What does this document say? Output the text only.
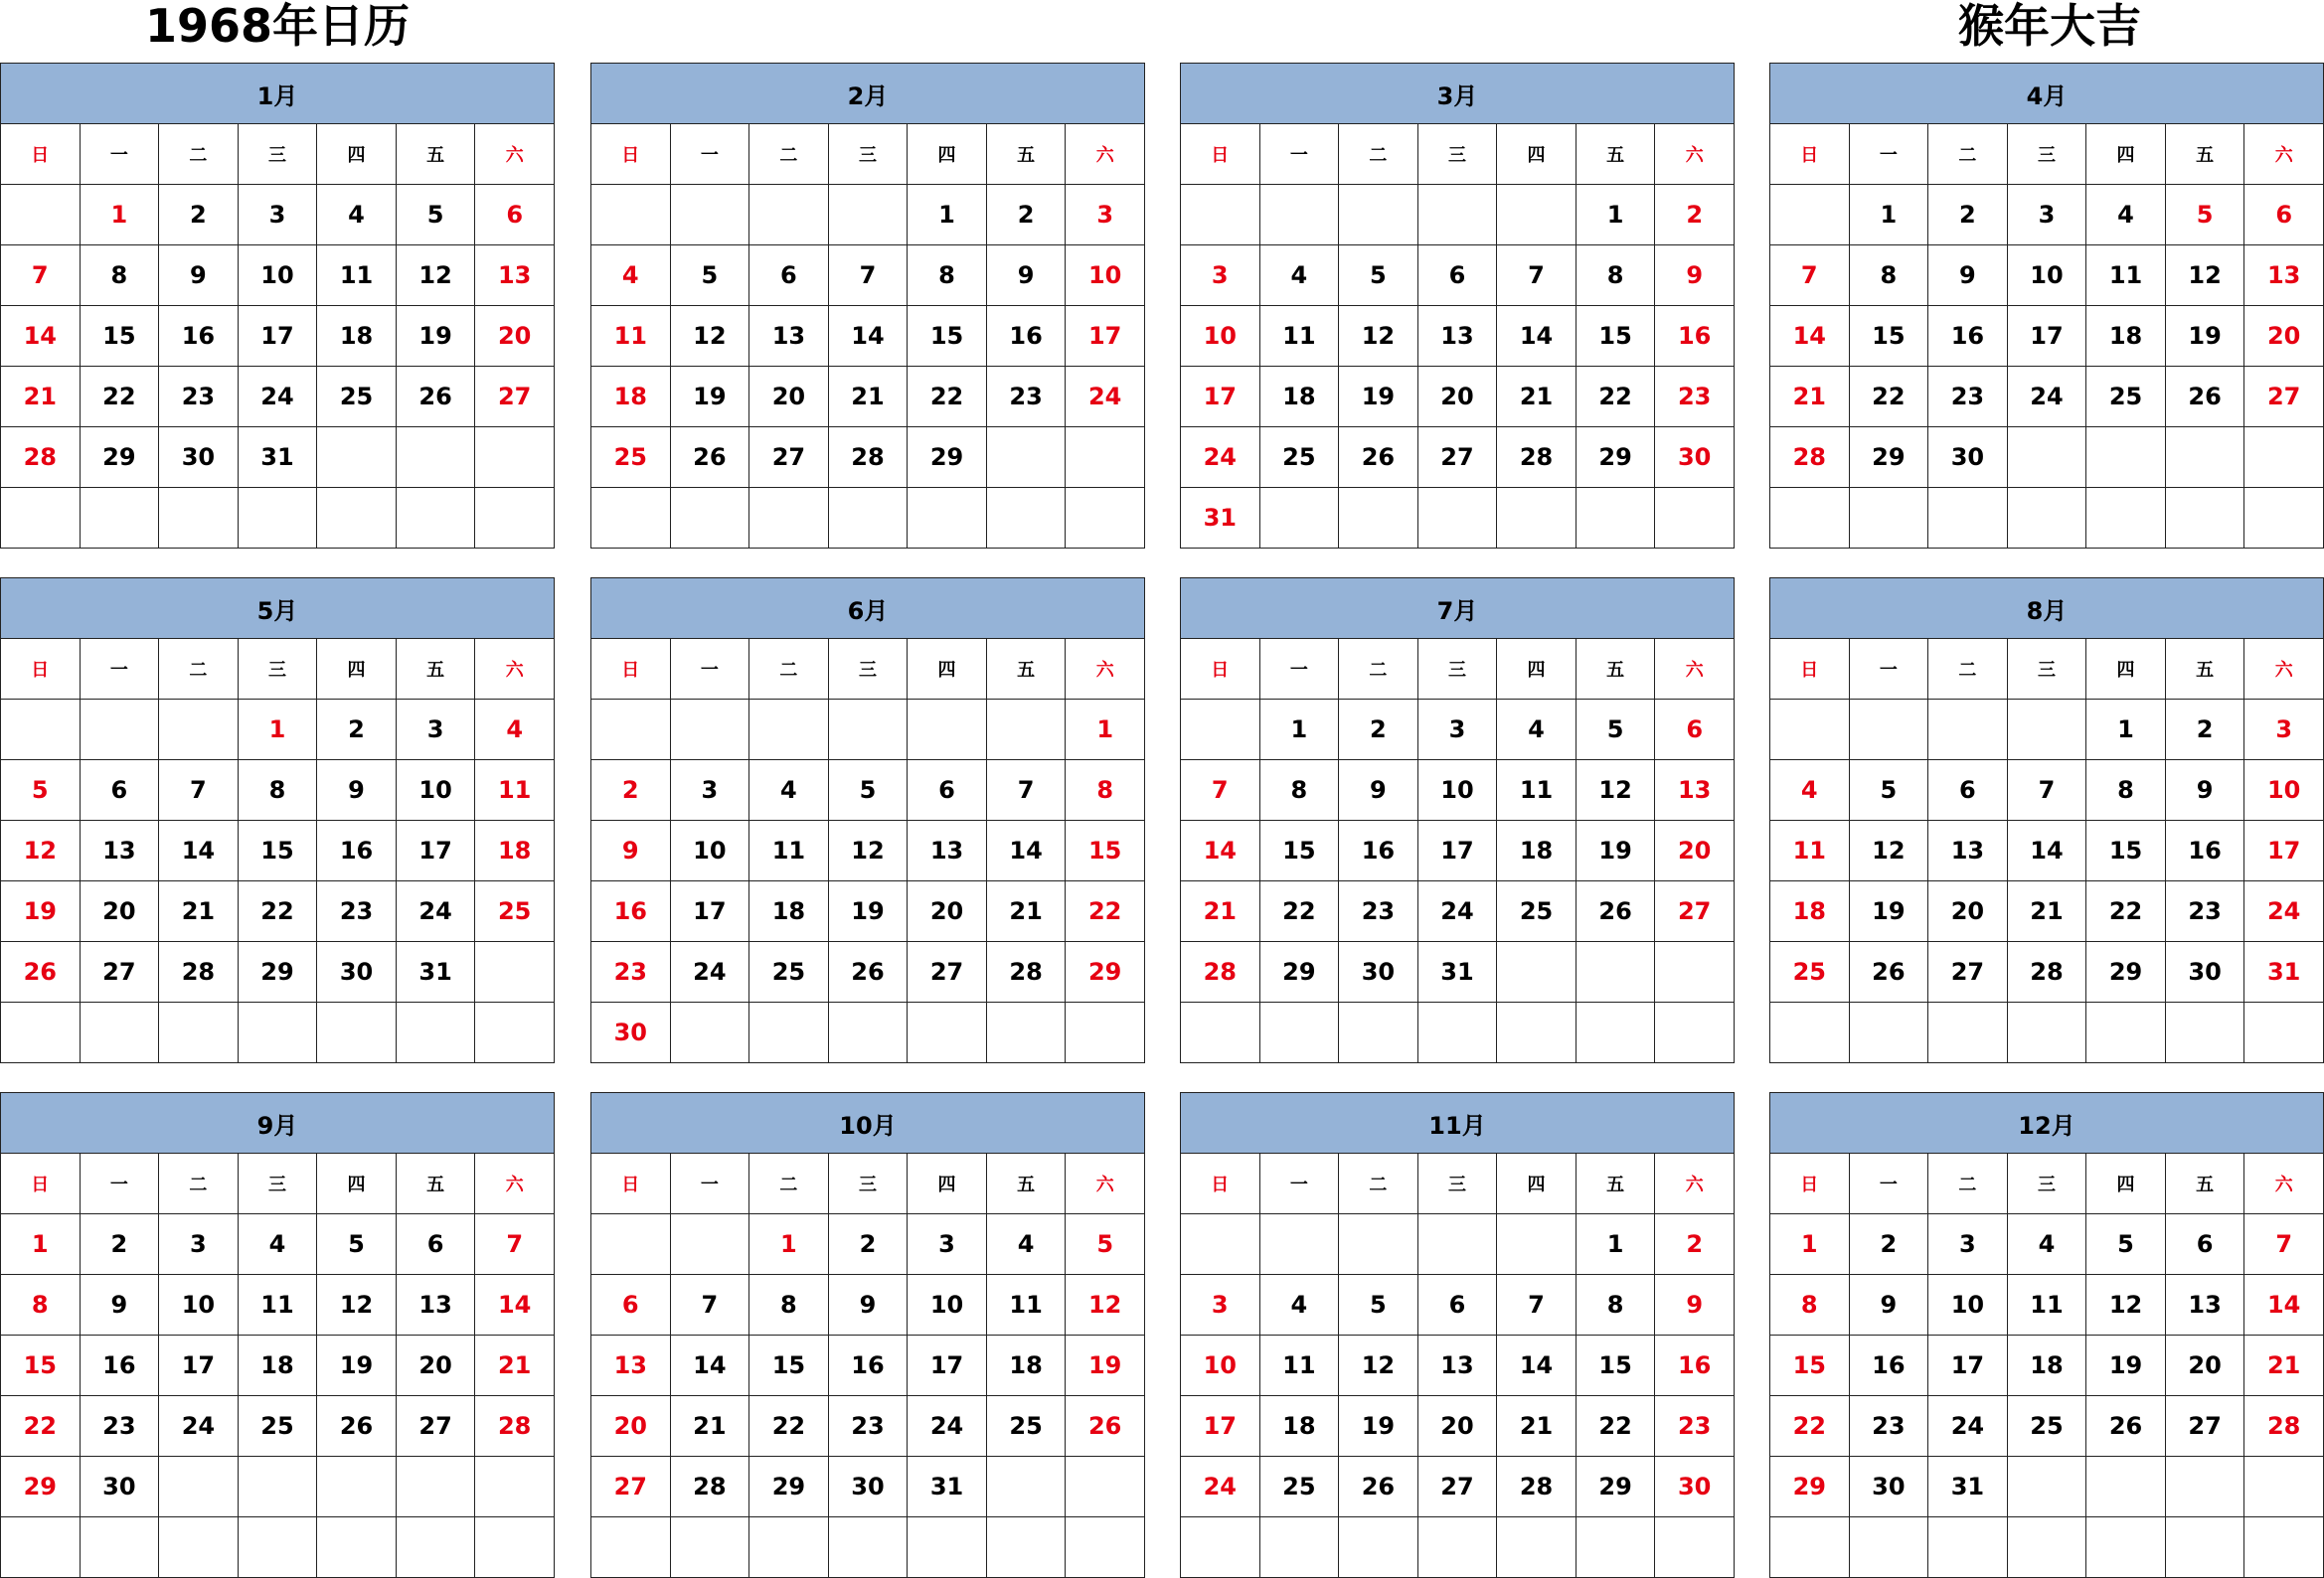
1968年日历	猴年大吉
1月						
日	一	二	三	四	五	六
	1	2	3	4	5	6
7	8	9	10	11	12	13
14	15	16	17	18	19	20
21	22	23	24	25	26	27
28	29	30	31			

2月						
日	一	二	三	四	五	六
				1	2	3
4	5	6	7	8	9	10
11	12	13	14	15	16	17
18	19	20	21	22	23	24
25	26	27	28	29		

3月						
日	一	二	三	四	五	六
					1	2
3	4	5	6	7	8	9
10	11	12	13	14	15	16
17	18	19	20	21	22	23
24	25	26	27	28	29	30
31						
4月						
日	一	二	三	四	五	六
	1	2	3	4	5	6
7	8	9	10	11	12	13
14	15	16	17	18	19	20
21	22	23	24	25	26	27
28	29	30				

5月						
日	一	二	三	四	五	六
			1	2	3	4
5	6	7	8	9	10	11
12	13	14	15	16	17	18
19	20	21	22	23	24	25
26	27	28	29	30	31	

6月						
日	一	二	三	四	五	六
						1
2	3	4	5	6	7	8
9	10	11	12	13	14	15
16	17	18	19	20	21	22
23	24	25	26	27	28	29
30						
7月						
日	一	二	三	四	五	六
	1	2	3	4	5	6
7	8	9	10	11	12	13
14	15	16	17	18	19	20
21	22	23	24	25	26	27
28	29	30	31			

8月						
日	一	二	三	四	五	六
				1	2	3
4	5	6	7	8	9	10
11	12	13	14	15	16	17
18	19	20	21	22	23	24
25	26	27	28	29	30	31

9月						
日	一	二	三	四	五	六
1	2	3	4	5	6	7
8	9	10	11	12	13	14
15	16	17	18	19	20	21
22	23	24	25	26	27	28
29	30					

10月						
日	一	二	三	四	五	六
		1	2	3	4	5
6	7	8	9	10	11	12
13	14	15	16	17	18	19
20	21	22	23	24	25	26
27	28	29	30	31		

11月						
日	一	二	三	四	五	六
					1	2
3	4	5	6	7	8	9
10	11	12	13	14	15	16
17	18	19	20	21	22	23
24	25	26	27	28	29	30

12月						
日	一	二	三	四	五	六
1	2	3	4	5	6	7
8	9	10	11	12	13	14
15	16	17	18	19	20	21
22	23	24	25	26	27	28
29	30	31				
